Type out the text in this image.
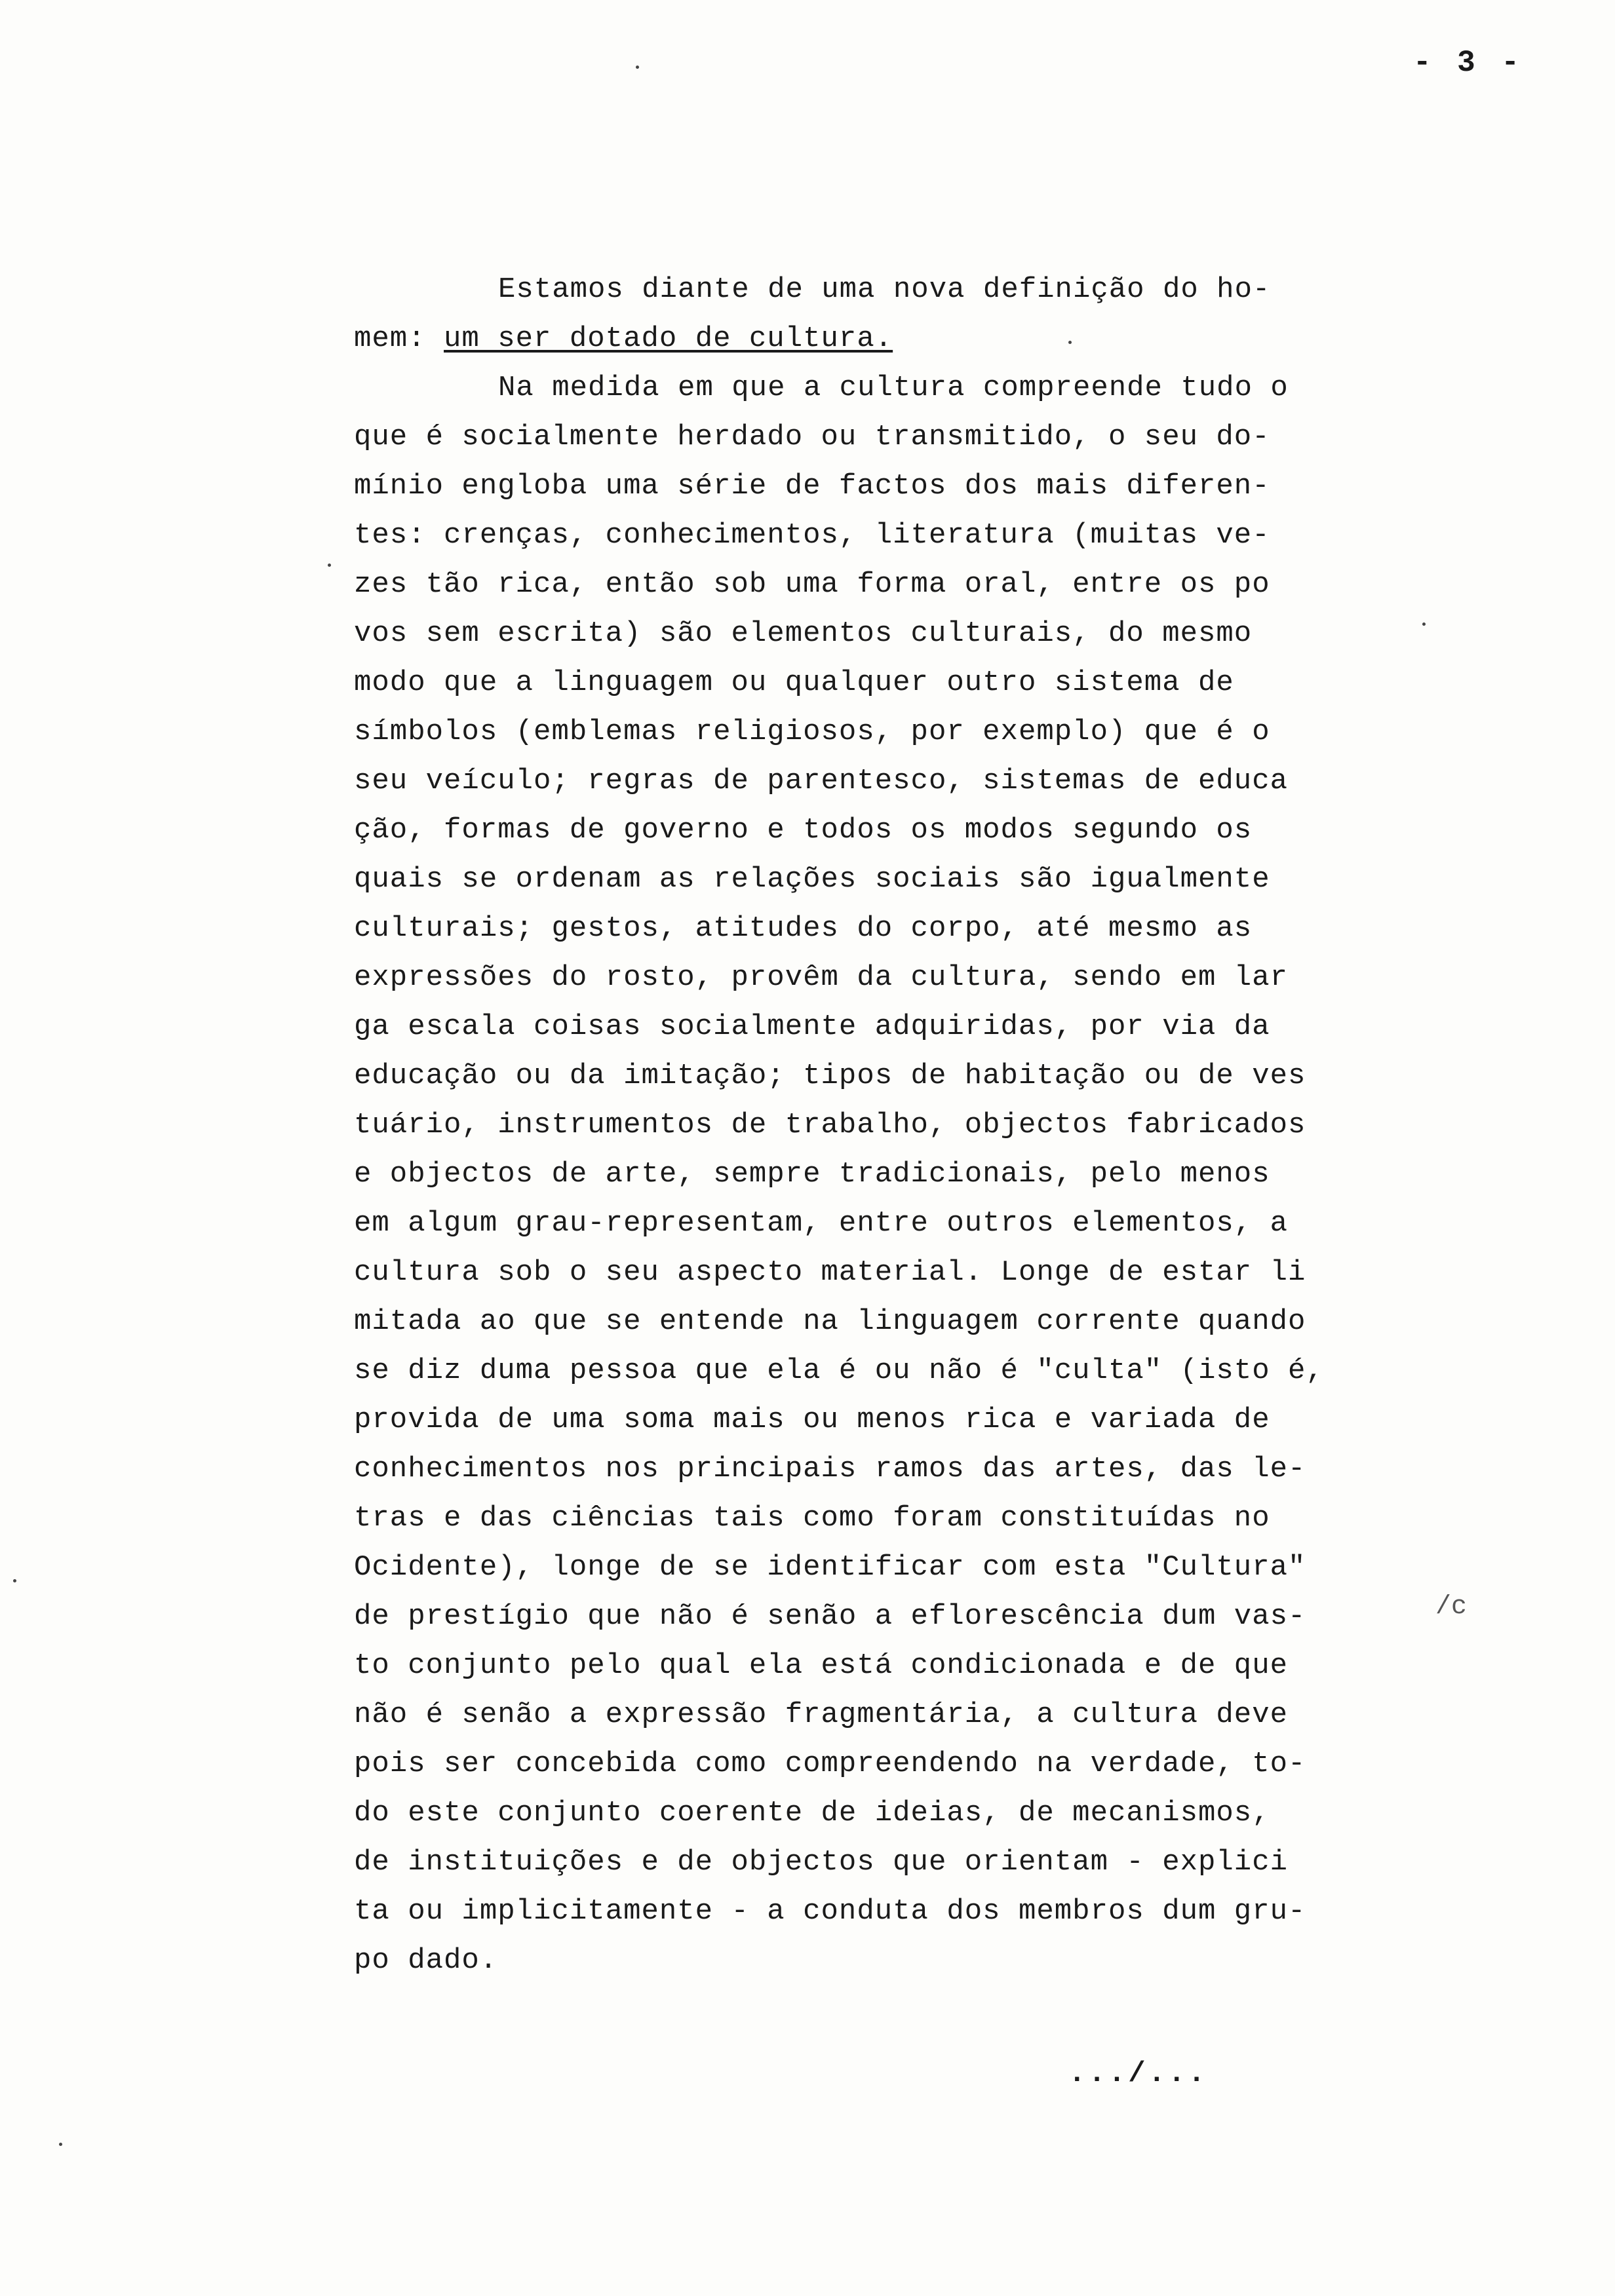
- 3 -
Estamos diante de uma nova definição do ho-
mem: um ser dotado de cultura.
Na medida em que a cultura compreende tudo o
que é socialmente herdado ou transmitido, o seu do-
mínio engloba uma série de factos dos mais diferen-
tes: crenças, conhecimentos, literatura (muitas ve-
zes tão rica, então sob uma forma oral, entre os po
vos sem escrita) são elementos culturais, do mesmo
modo que a linguagem ou qualquer outro sistema de
símbolos (emblemas religiosos, por exemplo) que é o
seu veículo; regras de parentesco, sistemas de educa
ção, formas de governo e todos os modos segundo os
quais se ordenam as relações sociais são igualmente
culturais; gestos, atitudes do corpo, até mesmo as
expressões do rosto, provêm da cultura, sendo em lar
ga escala coisas socialmente adquiridas, por via da
educação ou da imitação; tipos de habitação ou de ves
tuário, instrumentos de trabalho, objectos fabricados
e objectos de arte, sempre tradicionais, pelo menos
em algum grau-representam, entre outros elementos, a
cultura sob o seu aspecto material. Longe de estar li
mitada ao que se entende na linguagem corrente quando
se diz duma pessoa que ela é ou não é "culta" (isto é,
provida de uma soma mais ou menos rica e variada de
conhecimentos nos principais ramos das artes, das le-
tras e das ciências tais como foram constituídas no
Ocidente), longe de se identificar com esta "Cultura"
de prestígio que não é senão a eflorescência dum vas-
to conjunto pelo qual ela está condicionada e de que
não é senão a expressão fragmentária, a cultura deve
pois ser concebida como compreendendo na verdade, to-
do este conjunto coerente de ideias, de mecanismos,
de instituições e de objectos que orientam - explici
ta ou implicitamente - a conduta dos membros dum gru-
po dado.
/c
.../...
